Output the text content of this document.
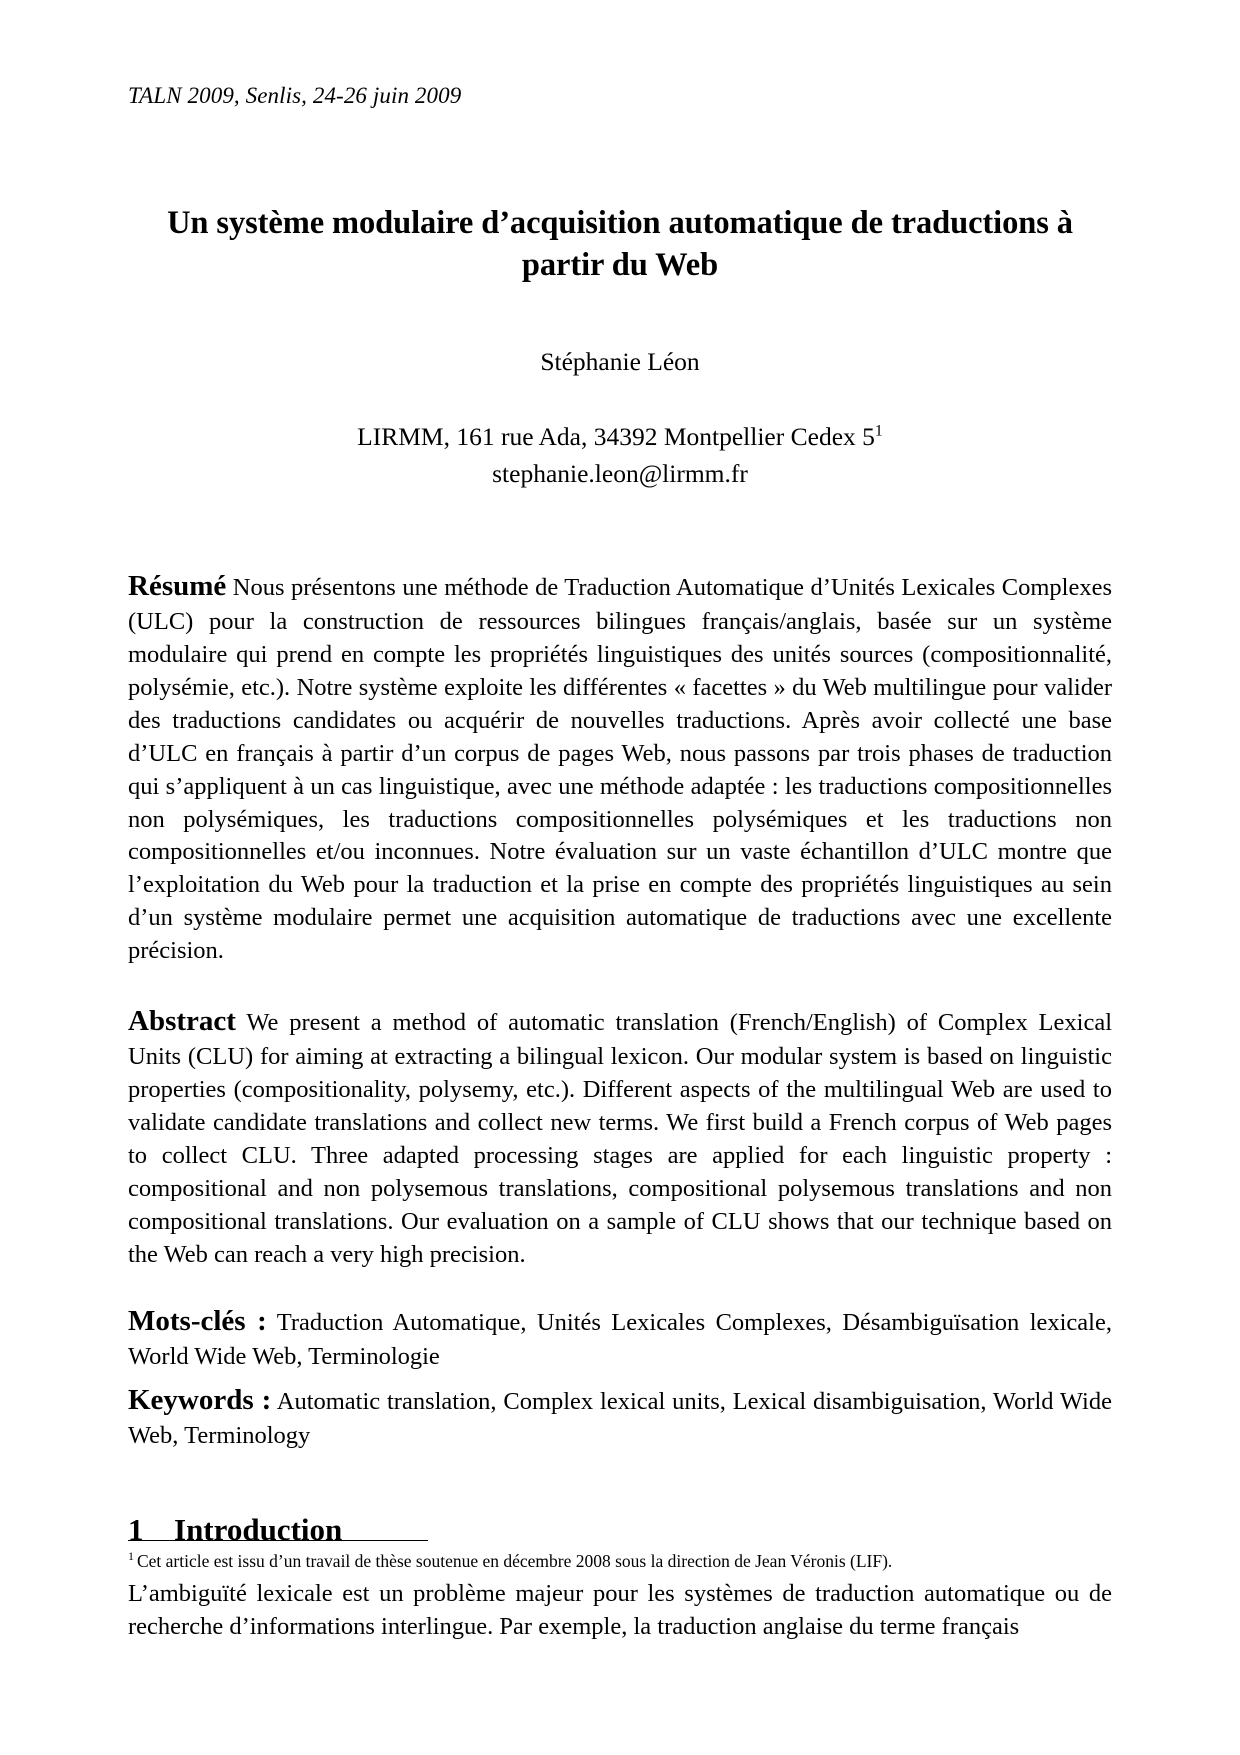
TALN 2009, Senlis, 24-26 juin 2009
Un système modulaire d’acquisition automatique de traductions à partir du Web
Stéphanie Léon
LIRMM, 161 rue Ada, 34392 Montpellier Cedex $5^1$
stephanie.leon@lirmm.fr

Résumé Nous présentons une méthode de Traduction Automatique d’Unités Lexicales Complexes (ULC) pour la construction de ressources bilingues français/anglais, basée sur un système modulaire qui prend en compte les propriétés linguistiques des unités sources (compositionnalité, polysémie, etc.). Notre système exploite les différentes « facettes » du Web multilingue pour valider des traductions candidates ou acquérir de nouvelles traductions. Après avoir collecté une base d’ULC en français à partir d’un corpus de pages Web, nous passons par trois phases de traduction qui s’appliquent à un cas linguistique, avec une méthode adaptée : les traductions compositionnelles non polysémiques, les traductions compositionnelles polysémiques et les traductions non compositionnelles et/ou inconnues. Notre évaluation sur un vaste échantillon d’ULC montre que l’exploitation du Web pour la traduction et la prise en compte des propriétés linguistiques au sein d’un système modulaire permet une acquisition automatique de traductions avec une excellente précision.

Abstract We present a method of automatic translation (French/English) of Complex Lexical Units (CLU) for aiming at extracting a bilingual lexicon. Our modular system is based on linguistic properties (compositionality, polysemy, etc.). Different aspects of the multilingual Web are used to validate candidate translations and collect new terms. We first build a French corpus of Web pages to collect CLU. Three adapted processing stages are applied for each linguistic property : compositional and non polysemous translations, compositional polysemous translations and non compositional translations. Our evaluation on a sample of CLU shows that our technique based on the Web can reach a very high precision.

Mots-clés : Traduction Automatique, Unités Lexicales Complexes, Désambiguïsation lexicale, World Wide Web, Terminologie

Keywords : Automatic translation, Complex lexical units, Lexical disambiguisation, World Wide Web, Terminology

1 Introduction

L’ambiguïté lexicale est un problème majeur pour les systèmes de traduction automatique ou de recherche d’informations interlingue. Par exemple, la traduction anglaise du terme français

$^1$ Cet article est issu d’un travail de thèse soutenue en décembre 2008 sous la direction de Jean Véronis (LIF).
